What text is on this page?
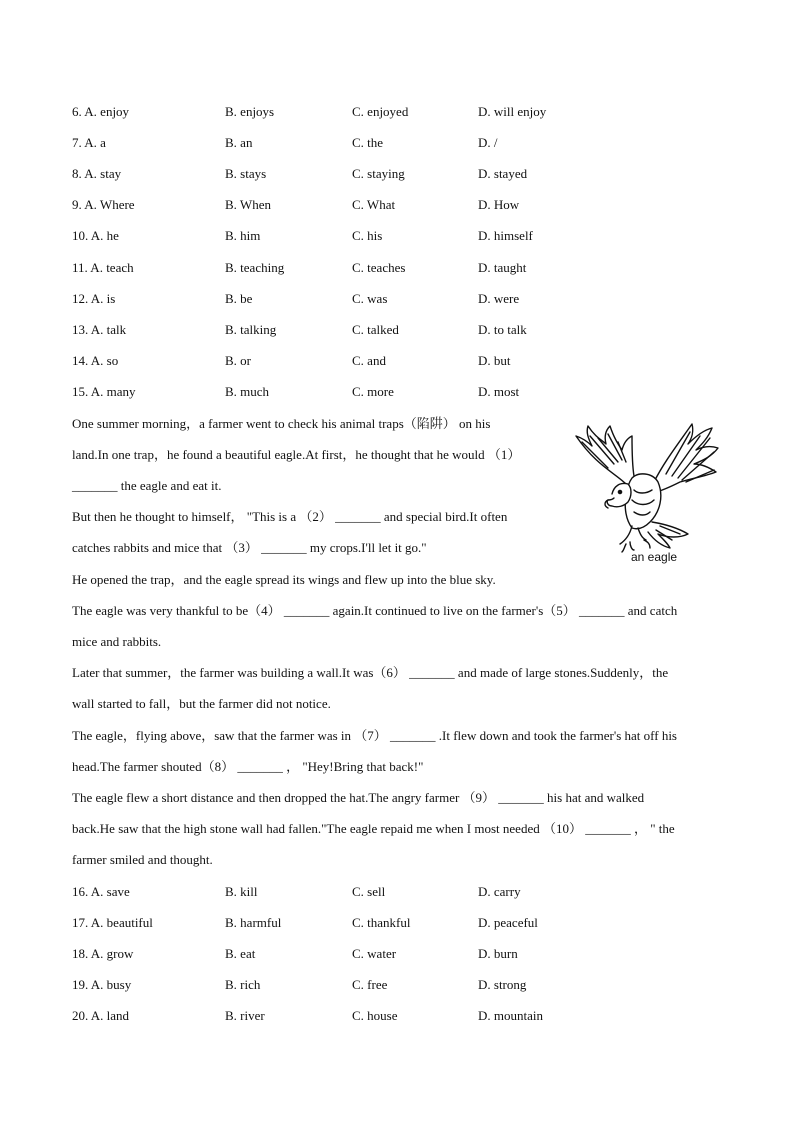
6. A. enjoy	B. enjoys	C. enjoyed	D. will enjoy
7. A. a	B. an	C. the	D. /
8. A. stay	B. stays	C. staying	D. stayed
9. A. Where	B. When	C. What	D. How
10. A. he	B. him	C. his	D. himself
11. A. teach	B. teaching	C. teaches	D. taught
12. A. is	B. be	C. was	D. were
13. A. talk	B. talking	C. talked	D. to talk
14. A. so	B. or	C. and	D. but
15. A. many	B. much	C. more	D. most
One summer morning，a farmer went to check his animal traps（陷阱） on his
land.In one trap，he found a beautiful eagle.At first，he thought that he would （1）
_______ the eagle and eat it.
But then he thought to himself， "This is a （2） _______ and special bird.It often
catches rabbits and mice that （3） _______ my crops.I'll let it go."
He opened the trap，and the eagle spread its wings and flew up into the blue sky.
The eagle was very thankful to be（4） _______ again.It continued to live on the farmer's（5） _______ and catch
mice and rabbits.
Later that summer，the farmer was building a wall.It was（6） _______ and made of large stones.Suddenly，the
wall started to fall，but the farmer did not notice.
The eagle，flying above，saw that the farmer was in （7） _______ .It flew down and took the farmer's hat off his
head.The farmer shouted（8） _______ ， "Hey!Bring that back!"
The eagle flew a short distance and then dropped the hat.The angry farmer （9） _______ his hat and walked
back.He saw that the high stone wall had fallen."The eagle repaid me when I most needed （10） _______ ， " the
farmer smiled and thought.
an eagle
16. A. save	B. kill	C. sell	D. carry
17. A. beautiful	B. harmful	C. thankful	D. peaceful
18. A. grow	B. eat	C. water	D. burn
19. A. busy	B. rich	C. free	D. strong
20. A. land	B. river	C. house	D. mountain
